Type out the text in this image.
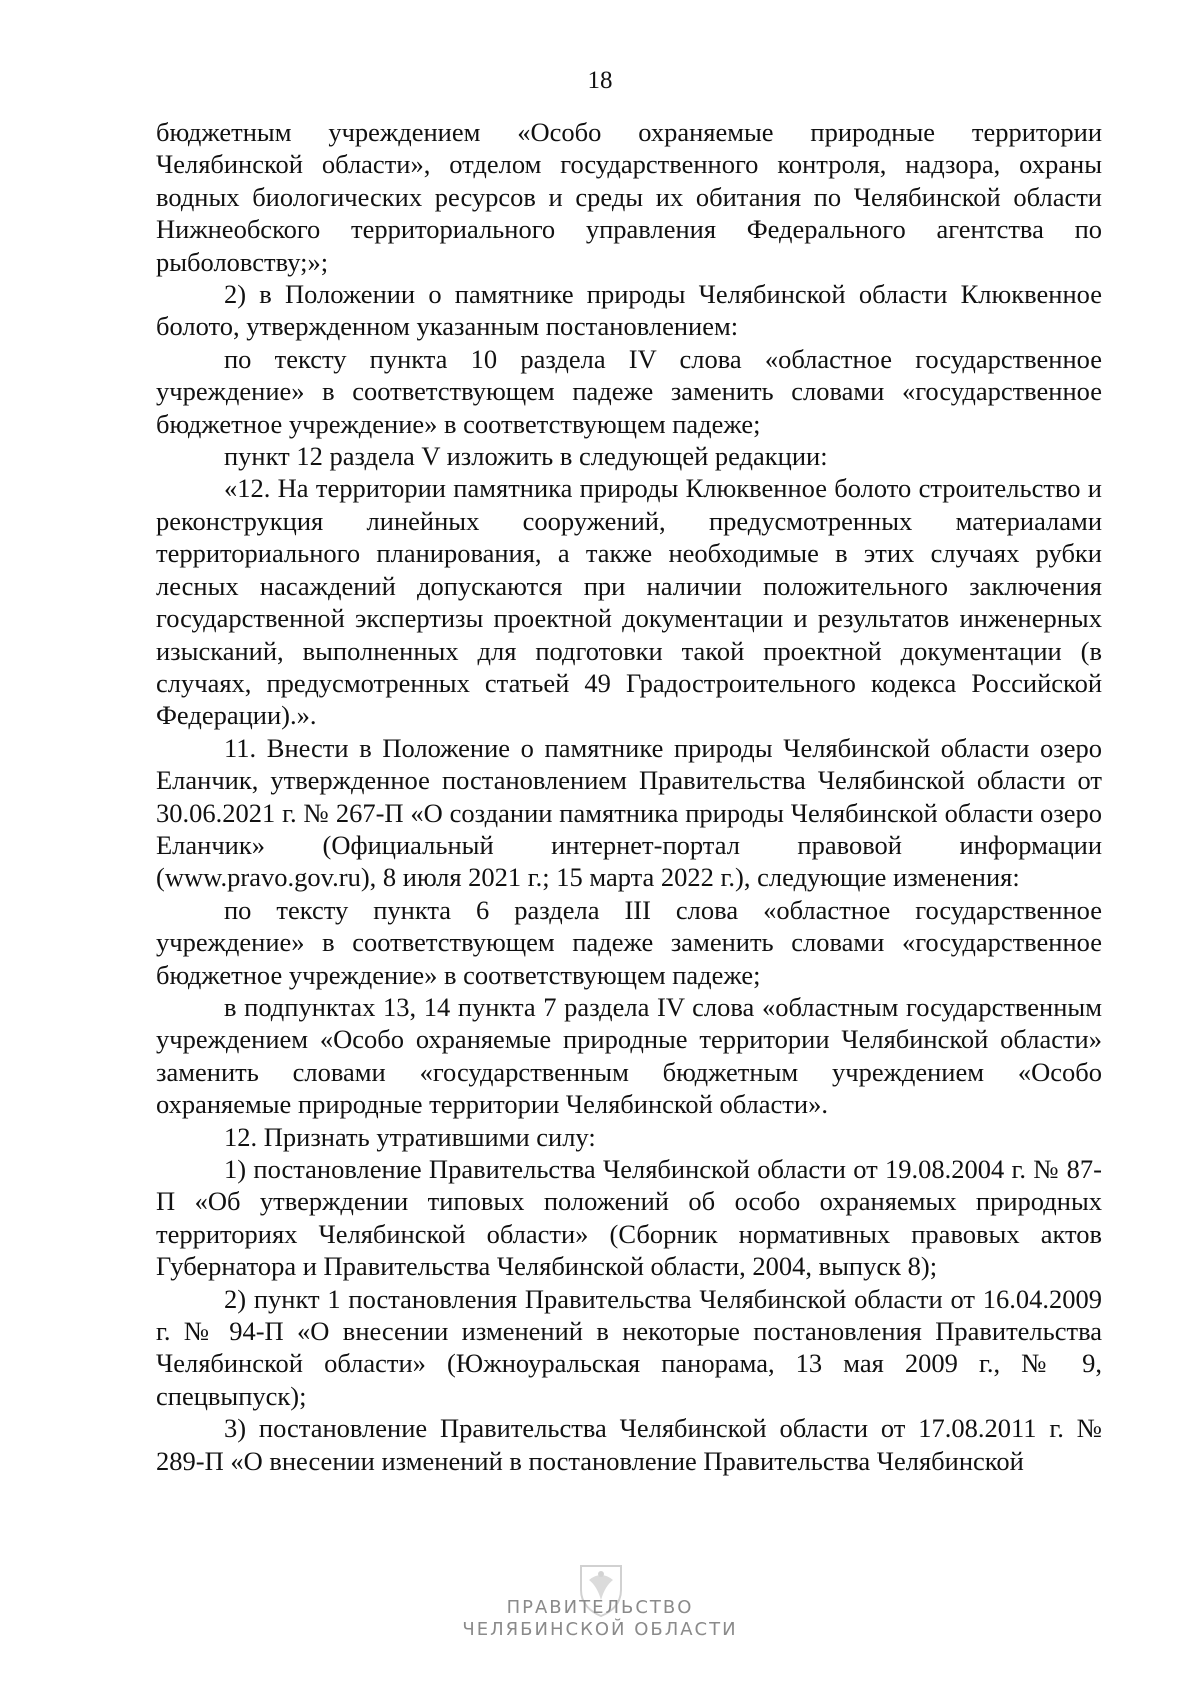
18

бюджетным учреждением «Особо охраняемые природные территории Челябинской области», отделом государственного контроля, надзора, охраны водных биологических ресурсов и среды их обитания по Челябинской области Нижнеобского территориального управления Федерального агентства по рыболовству;»;

2) в Положении о памятнике природы Челябинской области Клюквенное болото, утвержденном указанным постановлением:

по тексту пункта 10 раздела IV слова «областное государственное учреждение» в соответствующем падеже заменить словами «государственное бюджетное учреждение» в соответствующем падеже;

пункт 12 раздела V изложить в следующей редакции:

«12. На территории памятника природы Клюквенное болото строительство и реконструкция линейных сооружений, предусмотренных материалами территориального планирования, а также необходимые в этих случаях рубки лесных насаждений допускаются при наличии положительного заключения государственной экспертизы проектной документации и результатов инженерных изысканий, выполненных для подготовки такой проектной документации (в случаях, предусмотренных статьей 49 Градостроительного кодекса Российской Федерации).».

11. Внести в Положение о памятнике природы Челябинской области озеро Еланчик, утвержденное постановлением Правительства Челябинской области от 30.06.2021 г. № 267-П «О создании памятника природы Челябинской области озеро Еланчик» (Официальный интернет-портал правовой информации (www.pravo.gov.ru), 8 июля 2021 г.; 15 марта 2022 г.), следующие изменения:

по тексту пункта 6 раздела III слова «областное государственное учреждение» в соответствующем падеже заменить словами «государственное бюджетное учреждение» в соответствующем падеже;

в подпунктах 13, 14 пункта 7 раздела IV слова «областным государственным учреждением «Особо охраняемые природные территории Челябинской области» заменить словами «государственным бюджетным учреждением «Особо охраняемые природные территории Челябинской области».

12. Признать утратившими силу:

1) постановление Правительства Челябинской области от 19.08.2004 г. № 87-П «Об утверждении типовых положений об особо охраняемых природных территориях Челябинской области» (Сборник нормативных правовых актов Губернатора и Правительства Челябинской области, 2004, выпуск 8);

2) пункт 1 постановления Правительства Челябинской области от 16.04.2009 г. № 94-П «О внесении изменений в некоторые постановления Правительства Челябинской области» (Южноуральская панорама, 13 мая 2009 г., № 9, спецвыпуск);

3) постановление Правительства Челябинской области от 17.08.2011 г. № 289-П «О внесении изменений в постановление Правительства Челябинской

ПРАВИТЕЛЬСТВО
ЧЕЛЯБИНСКОЙ ОБЛАСТИ
